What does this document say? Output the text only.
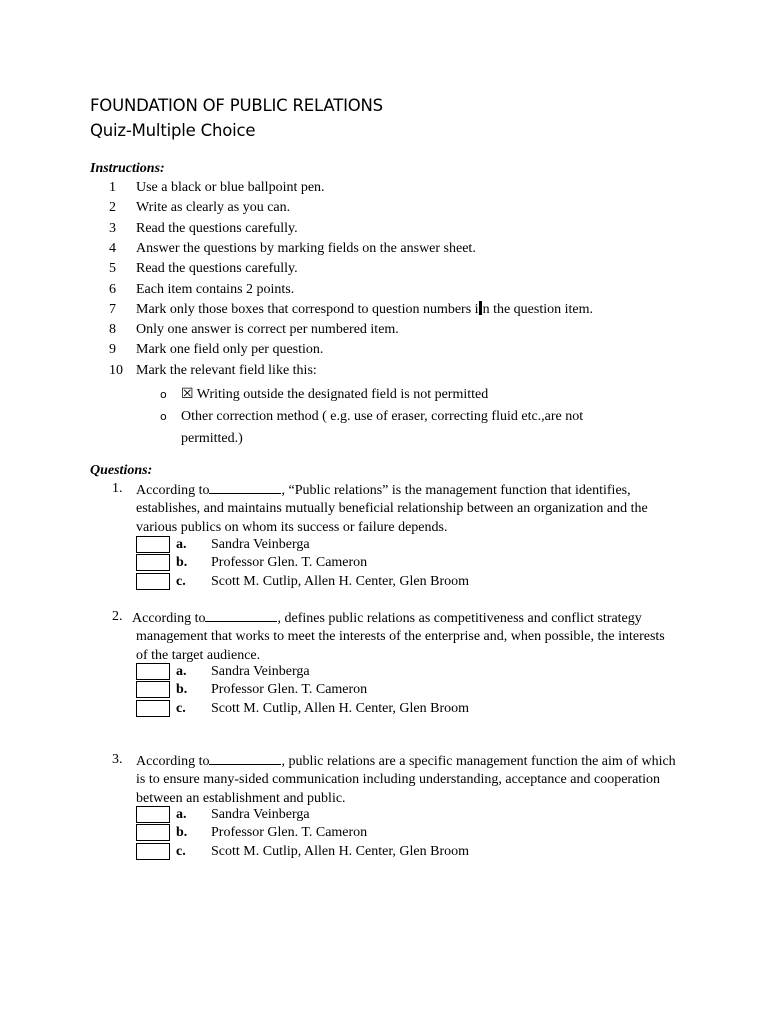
FOUNDATION OF PUBLIC RELATIONS
Quiz-Multiple Choice
Instructions:
1	Use a black or blue ballpoint pen.
2	Write as clearly as you can.
3	Read the questions carefully.
4	Answer the questions by marking fields on the answer sheet.
5	Read the questions carefully.
6	Each item contains 2 points.
7	Mark only those boxes that correspond to question numbers i n the question item.
8	Only one answer is correct per numbered item.
9	Mark one field only per question.
10 Mark the relevant field like this:
o ☒ Writing outside the designated field is not permitted
o Other correction method ( e.g. use of eraser, correcting fluid etc.,are not permitted.)
Questions:
1. According to	, “Public relations” is the management function that identifies, establishes, and maintains mutually beneficial relationship between an organization and the various publics on whom its success or failure depends.
a. Sandra Veinberga
b. Professor Glen. T. Cameron
c. Scott M. Cutlip, Allen H. Center, Glen Broom
2. According to	, defines public relations as competitiveness and conflict strategy management that works to meet the interests of the enterprise and, when possible, the interests of the target audience.
a. Sandra Veinberga
b. Professor Glen. T. Cameron
c. Scott M. Cutlip, Allen H. Center, Glen Broom
3. According to	, public relations are a specific management function the aim of which is to ensure many-sided communication including understanding, acceptance and cooperation between an establishment and public.
a. Sandra Veinberga
b. Professor Glen. T. Cameron
c. Scott M. Cutlip, Allen H. Center, Glen Broom
